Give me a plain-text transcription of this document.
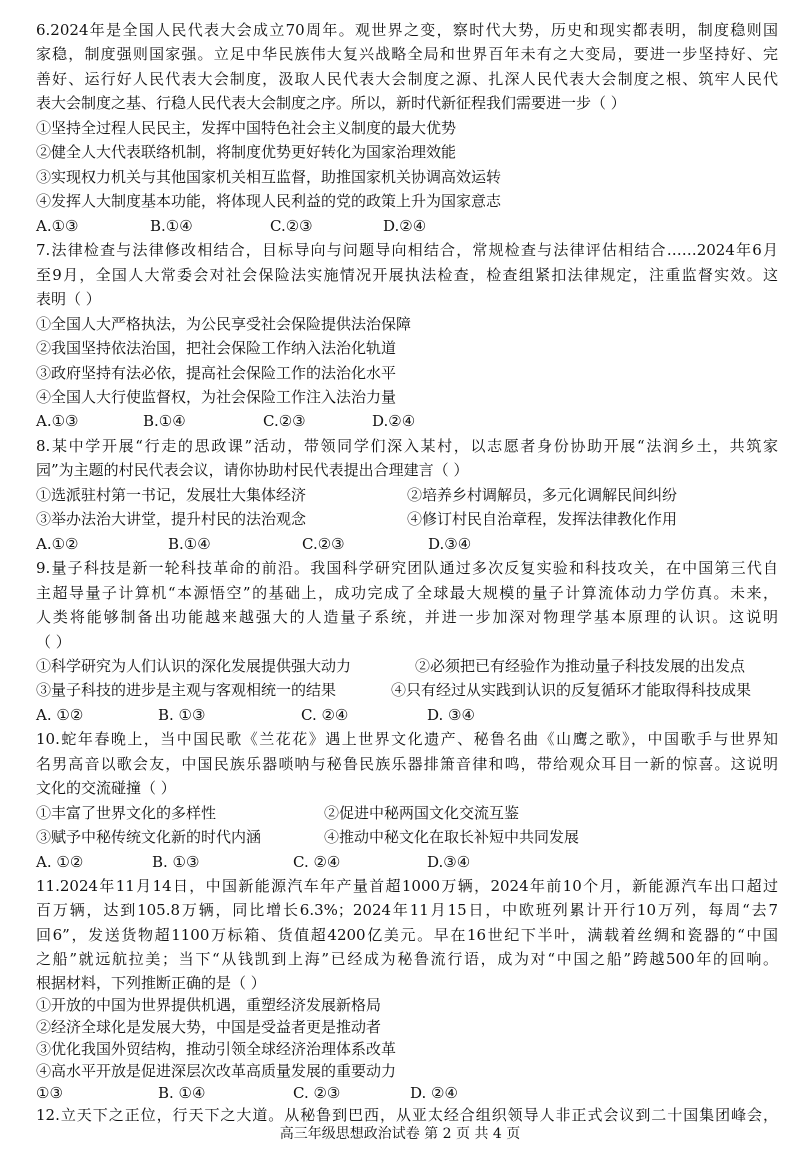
6.2024年是全国人民代表大会成立70周年。观世界之变，察时代大势，历史和现实都表明，制度稳则国
家稳，制度强则国家强。立足中华民族伟大复兴战略全局和世界百年未有之大变局，要进一步坚持好、完
善好、运行好人民代表大会制度，汲取人民代表大会制度之源、扎深人民代表大会制度之根、筑牢人民代
表大会制度之基、行稳人民代表大会制度之序。所以，新时代新征程我们需要进一步（ ）
①坚持全过程人民民主，发挥中国特色社会主义制度的最大优势
②健全人大代表联络机制，将制度优势更好转化为国家治理效能
③实现权力机关与其他国家机关相互监督，助推国家机关协调高效运转
④发挥人大制度基本功能，将体现人民利益的党的政策上升为国家意志
A.①③	B.①④	C.②③	D.②④
7.法律检查与法律修改相结合，目标导向与问题导向相结合，常规检查与法律评估相结合……2024年6月
至9月，全国人大常委会对社会保险法实施情况开展执法检查，检查组紧扣法律规定，注重监督实效。这
表明（ ）
①全国人大严格执法，为公民享受社会保险提供法治保障
②我国坚持依法治国，把社会保险工作纳入法治化轨道
③政府坚持有法必依，提高社会保险工作的法治化水平
④全国人大行使监督权，为社会保险工作注入法治力量
A.①③	B.①④	C.②③	D.②④
8.某中学开展“行走的思政课”活动，带领同学们深入某村，以志愿者身份协助开展“法润乡土，共筑家
园”为主题的村民代表会议，请你协助村民代表提出合理建言（ ）
①选派驻村第一书记，发展壮大集体经济	②培养乡村调解员，多元化调解民间纠纷
③举办法治大讲堂，提升村民的法治观念	④修订村民自治章程，发挥法律教化作用
A.①②	B.①④	C.②③	D.③④
9.量子科技是新一轮科技革命的前沿。我国科学研究团队通过多次反复实验和科技攻关，在中国第三代自
主超导量子计算机“本源悟空”的基础上，成功完成了全球最大规模的量子计算流体动力学仿真。未来，
人类将能够制备出功能越来越强大的人造量子系统，并进一步加深对物理学基本原理的认识。这说明
（ ）
①科学研究为人们认识的深化发展提供强大动力	②必须把已有经验作为推动量子科技发展的出发点
③量子科技的进步是主观与客观相统一的结果	④只有经过从实践到认识的反复循环才能取得科技成果
A. ①②	B. ①③	C. ②④	D. ③④
10.蛇年春晚上，当中国民歌《兰花花》遇上世界文化遗产、秘鲁名曲《山鹰之歌》，中国歌手与世界知
名男高音以歌会友，中国民族乐器唢呐与秘鲁民族乐器排箫音律和鸣，带给观众耳目一新的惊喜。这说明
文化的交流碰撞（ ）
①丰富了世界文化的多样性	②促进中秘两国文化交流互鉴
③赋予中秘传统文化新的时代内涵	④推动中秘文化在取长补短中共同发展
A. ①②	B. ①③	C. ②④	D.③④
11.2024年11月14日，中国新能源汽车年产量首超1000万辆，2024年前10个月，新能源汽车出口超过
百万辆，达到105.8万辆，同比增长6.3%；2024年11月15日，中欧班列累计开行10万列，每周“去7
回6”，发送货物超1100万标箱、货值超4200亿美元。早在16世纪下半叶，满载着丝绸和瓷器的“中国
之船”就远航拉美；当下“从钱凯到上海”已经成为秘鲁流行语，成为对“中国之船”跨越500年的回响。
根据材料，下列推断正确的是（ ）
①开放的中国为世界提供机遇，重塑经济发展新格局
②经济全球化是发展大势，中国是受益者更是推动者
③优化我国外贸结构，推动引领全球经济治理体系改革
④高水平开放是促进深层次改革高质量发展的重要动力
12.立天下之正位，行天下之大道。从秘鲁到巴西，从亚太经合组织领导人非正式会议到二十国集团峰会，
高三年级思想政治试卷 第 2 页 共 4 页
①③	B. ①④	C. ②③	D. ②④
